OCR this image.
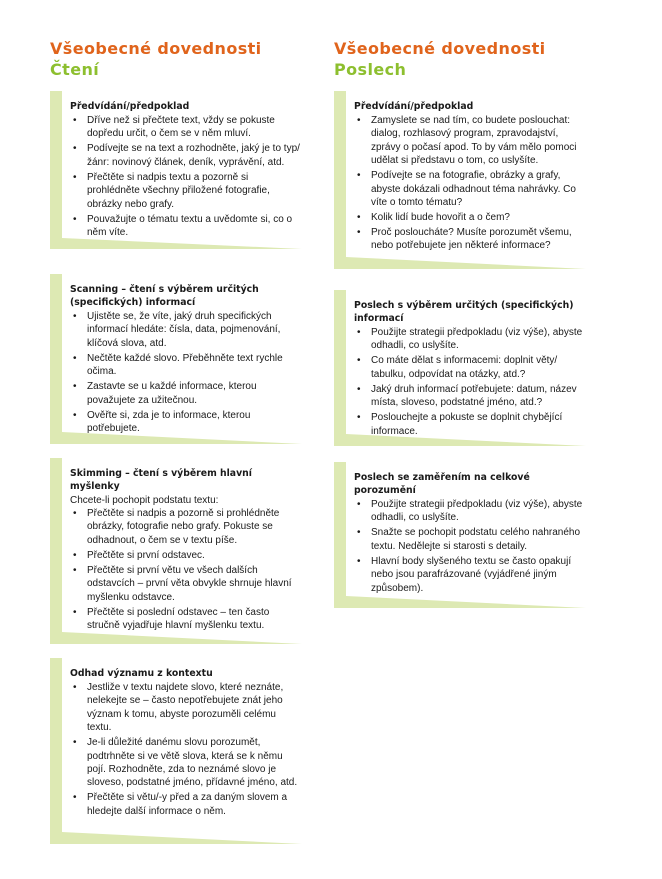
Všeobecné dovednosti
Čtení
Předvídání/předpoklad
• Dříve než si přečtete text, vždy se pokuste dopředu určit, o čem se v něm mluví.
• Podívejte se na text a rozhodněte, jaký je to typ/žánr: novinový článek, deník, vyprávění, atd.
• Přečtěte si nadpis textu a pozorně si prohlédněte všechny přiložené fotografie, obrázky nebo grafy.
• Pouvažujte o tématu textu a uvědomte si, co o něm víte.
Scanning – čtení s výběrem určitých (specifických) informací
• Ujistěte se, že víte, jaký druh specifických informací hledáte: čísla, data, pojmenování, klíčová slova, atd.
• Nečtěte každé slovo. Přeběhněte text rychle očima.
• Zastavte se u každé informace, kterou považujete za užitečnou.
• Ověřte si, zda je to informace, kterou potřebujete.
Skimming – čtení s výběrem hlavní myšlenky

Chcete-li pochopit podstatu textu:

• Přečtěte si nadpis a pozorně si prohlédněte obrázky, fotografie nebo grafy. Pokuste se odhadnout, o čem se v textu píše.
• Přečtěte si první odstavec.
• Přečtěte si první větu ve všech dalších odstavcích – první věta obvykle shrnuje hlavní myšlenku odstavce.
• Přečtěte si poslední odstavec – ten často stručně vyjadřuje hlavní myšlenku textu.
Odhad významu z kontextu
• Jestliže v textu najdete slovo, které neznáte, nelekejte se – často nepotřebujete znát jeho význam k tomu, abyste porozuměli celému textu.
• Je-li důležité danému slovu porozumět, podtrhněte si ve větě slova, která se k němu pojí. Rozhodněte, zda to neznámé slovo je sloveso, podstatné jméno, přídavné jméno, atd.
• Přečtěte si větu/-y před a za daným slovem a hledejte další informace o něm.
Všeobecné dovednosti
Poslech
Předvídání/předpoklad
• Zamyslete se nad tím, co budete poslouchat: dialog, rozhlasový program, zpravodajství, zprávy o počasí apod. To by vám mělo pomoci udělat si představu o tom, co uslyšíte.
• Podívejte se na fotografie, obrázky a grafy, abyste dokázali odhadnout téma nahrávky. Co víte o tomto tématu?
• Kolik lidí bude hovořit a o čem?
• Proč posloucháte? Musíte porozumět všemu, nebo potřebujete jen některé informace?
Poslech s výběrem určitých (specifických) informací
• Použijte strategii předpokladu (viz výše), abyste odhadli, co uslyšíte.
• Co máte dělat s informacemi: doplnit věty/ tabulku, odpovídat na otázky, atd.?
• Jaký druh informací potřebujete: datum, název místa, sloveso, podstatné jméno, atd.?
• Poslouchejte a pokuste se doplnit chybějící informace.
Poslech se zaměřením na celkové porozumění
• Použijte strategii předpokladu (viz výše), abyste odhadli, co uslyšíte.
• Snažte se pochopit podstatu celého nahraného textu. Nedělejte si starosti s detaily.
• Hlavní body slyšeného textu se často opakují nebo jsou parafrázované (vyjádřené jiným způsobem).
